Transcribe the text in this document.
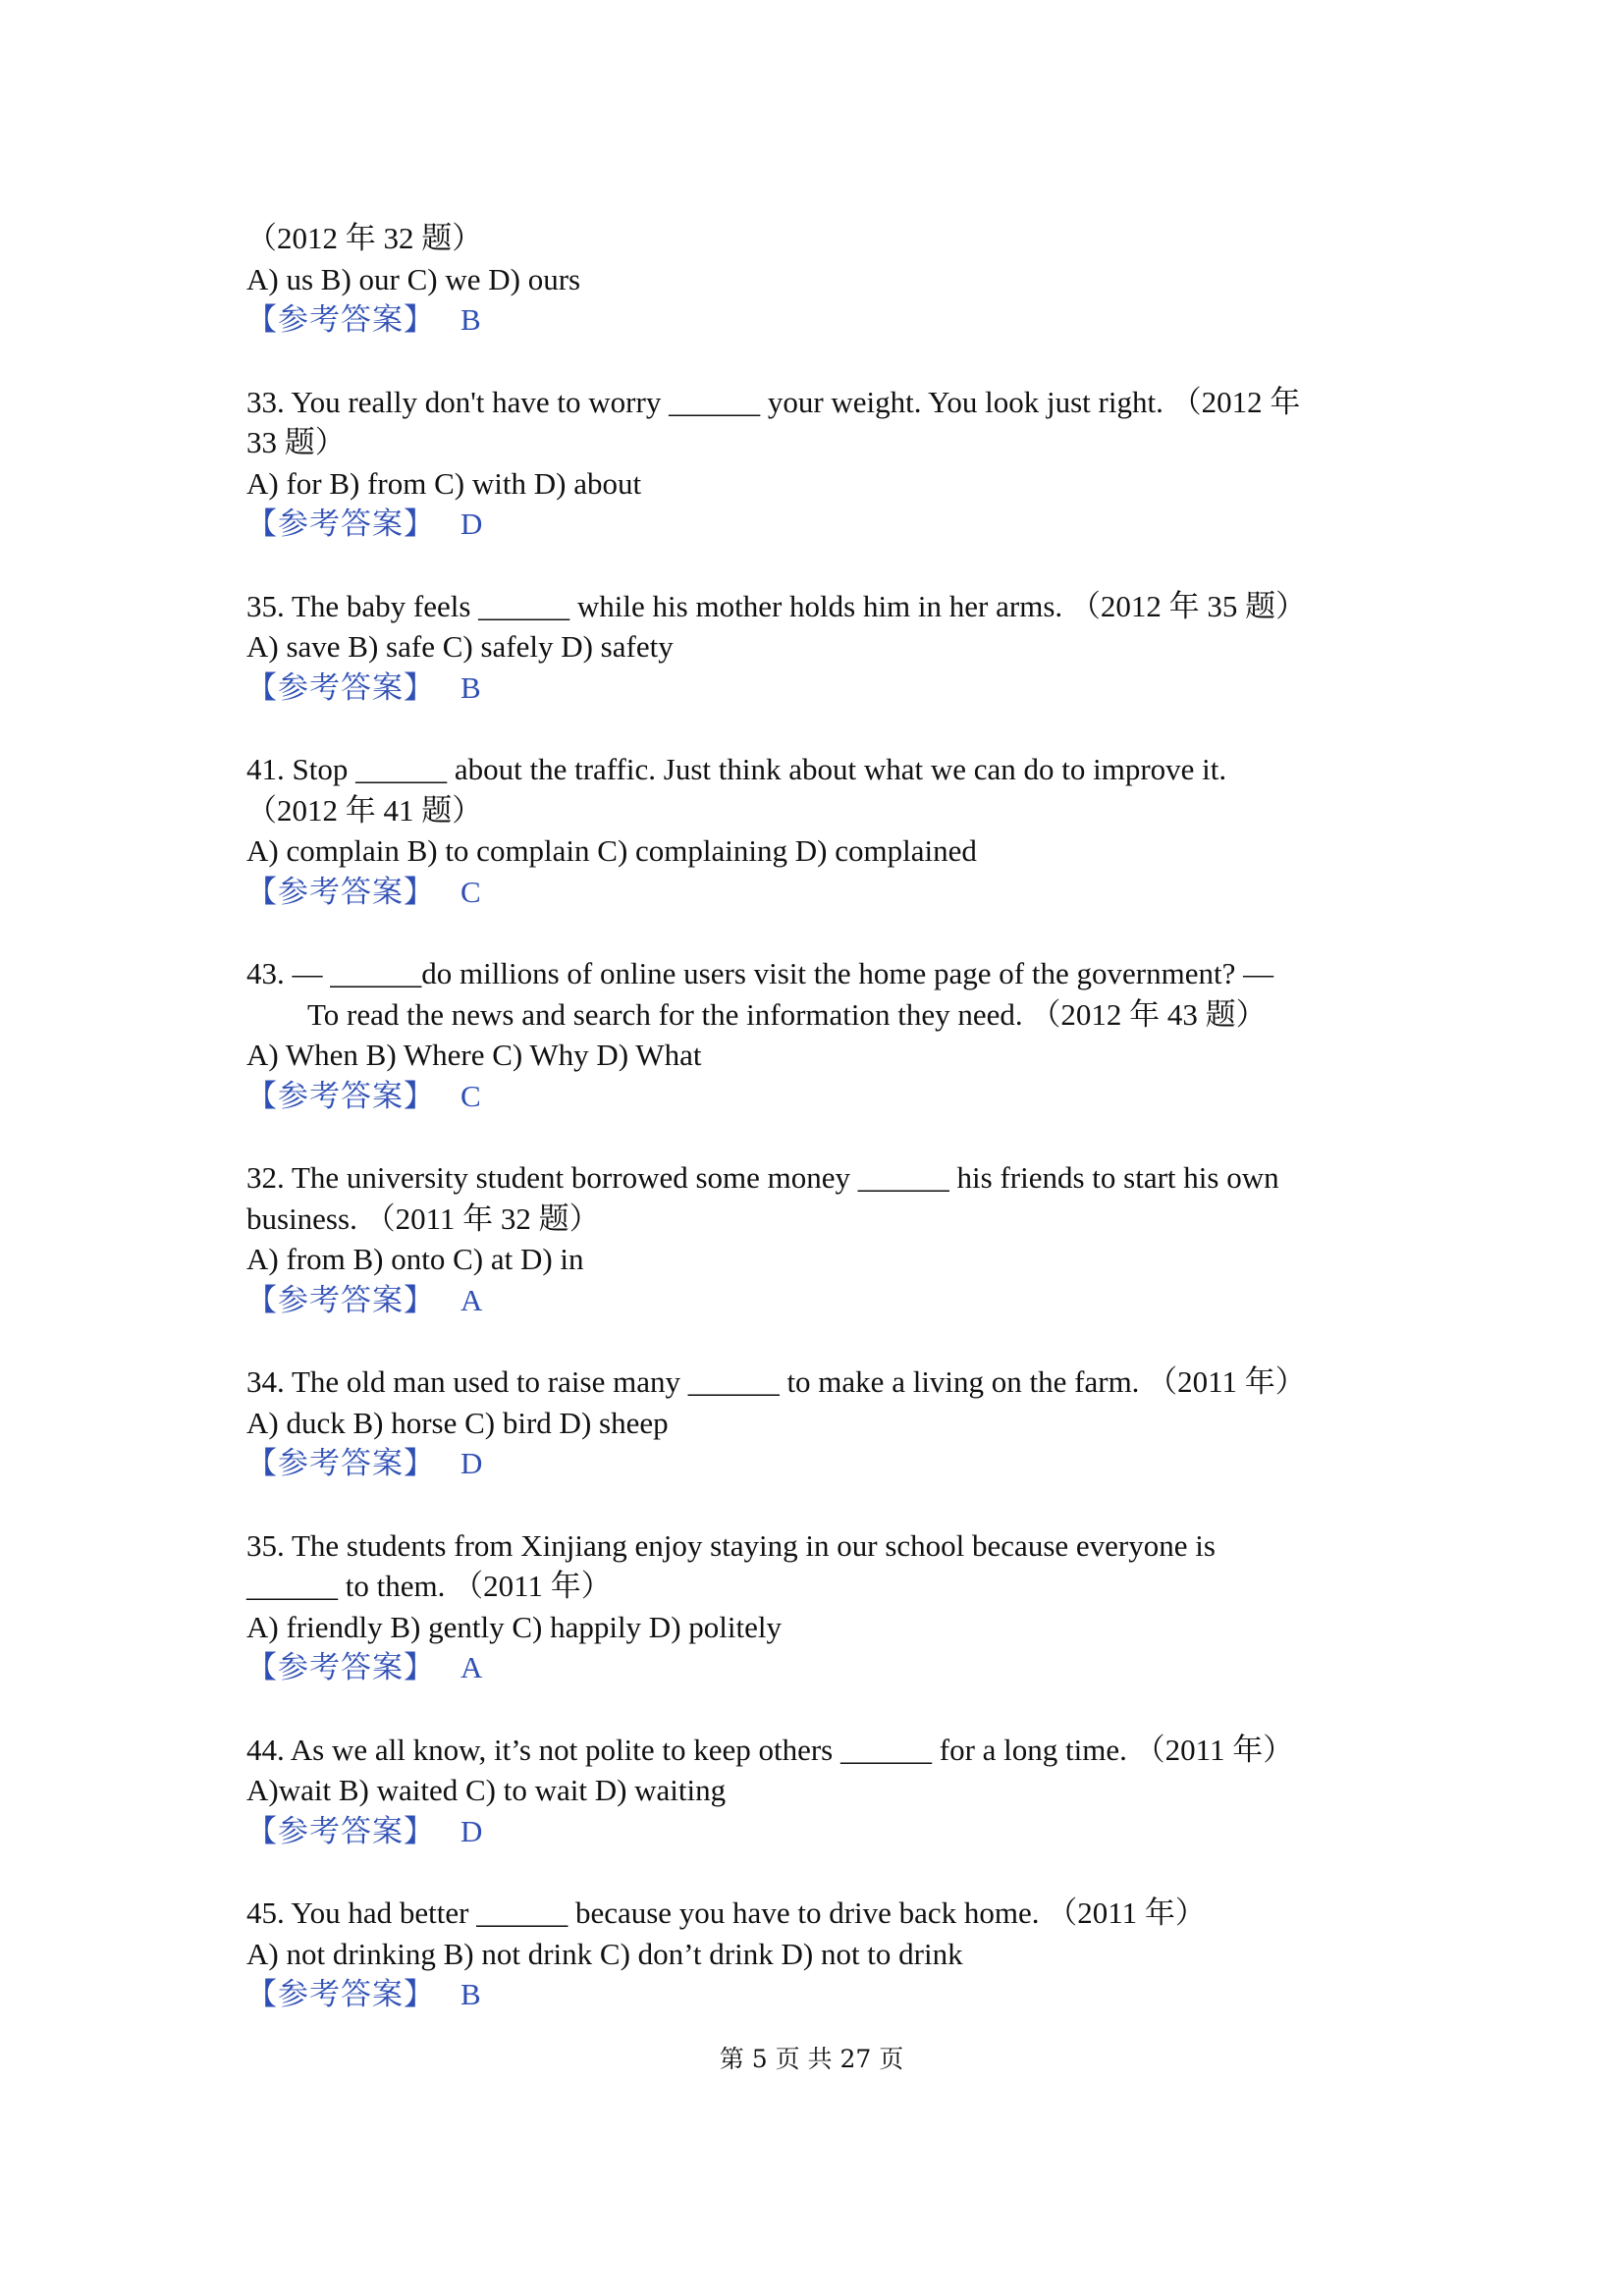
（2012 年 32 题）
A) us B) our C) we D) ours
【参考答案】 B
33. You really don't have to worry ______ your weight. You look just right. （2012 年
33 题）
A) for B) from C) with D) about
【参考答案】 D
35. The baby feels ______ while his mother holds him in her arms. （2012 年 35 题）
A) save B) safe C) safely D) safety
【参考答案】 B
41. Stop ______ about the traffic. Just think about what we can do to improve it.
（2012 年 41 题）
A) complain B) to complain C) complaining D) complained
【参考答案】 C
43. — ______do millions of online users visit the home page of the government? —
To read the news and search for the information they need. （2012 年 43 题）
A) When B) Where C) Why D) What
【参考答案】 C
32. The university student borrowed some money ______ his friends to start his own
business. （2011 年 32 题）
A) from B) onto C) at D) in
【参考答案】 A
34. The old man used to raise many ______ to make a living on the farm. （2011 年）
A) duck B) horse C) bird D) sheep
【参考答案】 D
35. The students from Xinjiang enjoy staying in our school because everyone is
______ to them. （2011 年）
A) friendly B) gently C) happily D) politely
【参考答案】 A
44. As we all know, it’s not polite to keep others ______ for a long time. （2011 年）
A)wait B) waited C) to wait D) waiting
【参考答案】 D
45. You had better ______ because you have to drive back home. （2011 年）
A) not drinking B) not drink C) don’t drink D) not to drink
【参考答案】 B
第 5 页 共 27 页
